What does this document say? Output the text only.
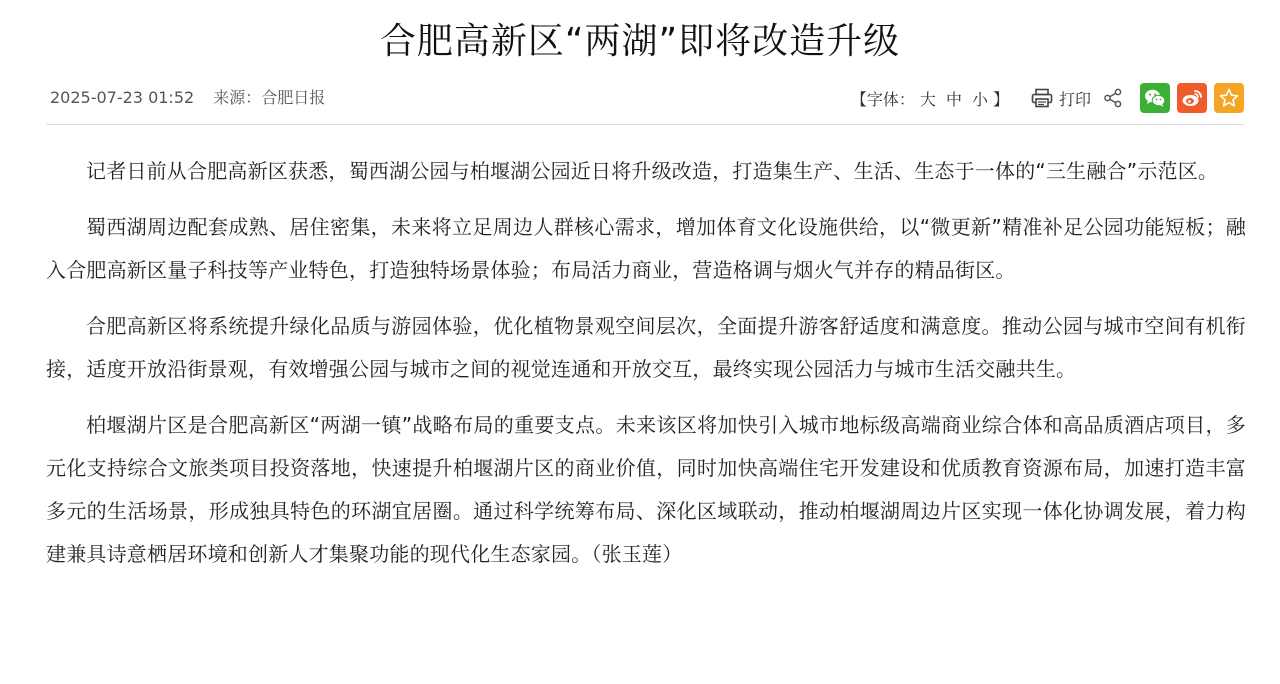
合肥高新区“两湖”即将改造升级
2025-07-23 01:52 来源：合肥日报	【字体： 大 中 小 】	打印

记者日前从合肥高新区获悉，蜀西湖公园与柏堰湖公园近日将升级改造，打造集生产、生活、生态于一体的“三生融合”示范区。

蜀西湖周边配套成熟、居住密集，未来将立足周边人群核心需求，增加体育文化设施供给，以“微更新”精准补足公园功能短板；融入合肥高新区量子科技等产业特色，打造独特场景体验；布局活力商业，营造格调与烟火气并存的精品街区。

合肥高新区将系统提升绿化品质与游园体验，优化植物景观空间层次，全面提升游客舒适度和满意度。推动公园与城市空间有机衔接，适度开放沿街景观，有效增强公园与城市之间的视觉连通和开放交互，最终实现公园活力与城市生活交融共生。

柏堰湖片区是合肥高新区“两湖一镇”战略布局的重要支点。未来该区将加快引入城市地标级高端商业综合体和高品质酒店项目，多元化支持综合文旅类项目投资落地，快速提升柏堰湖片区的商业价值，同时加快高端住宅开发建设和优质教育资源布局，加速打造丰富多元的生活场景，形成独具特色的环湖宜居圈。通过科学统筹布局、深化区域联动，推动柏堰湖周边片区实现一体化协调发展，着力构建兼具诗意栖居环境和创新人才集聚功能的现代化生态家园。（张玉莲）
